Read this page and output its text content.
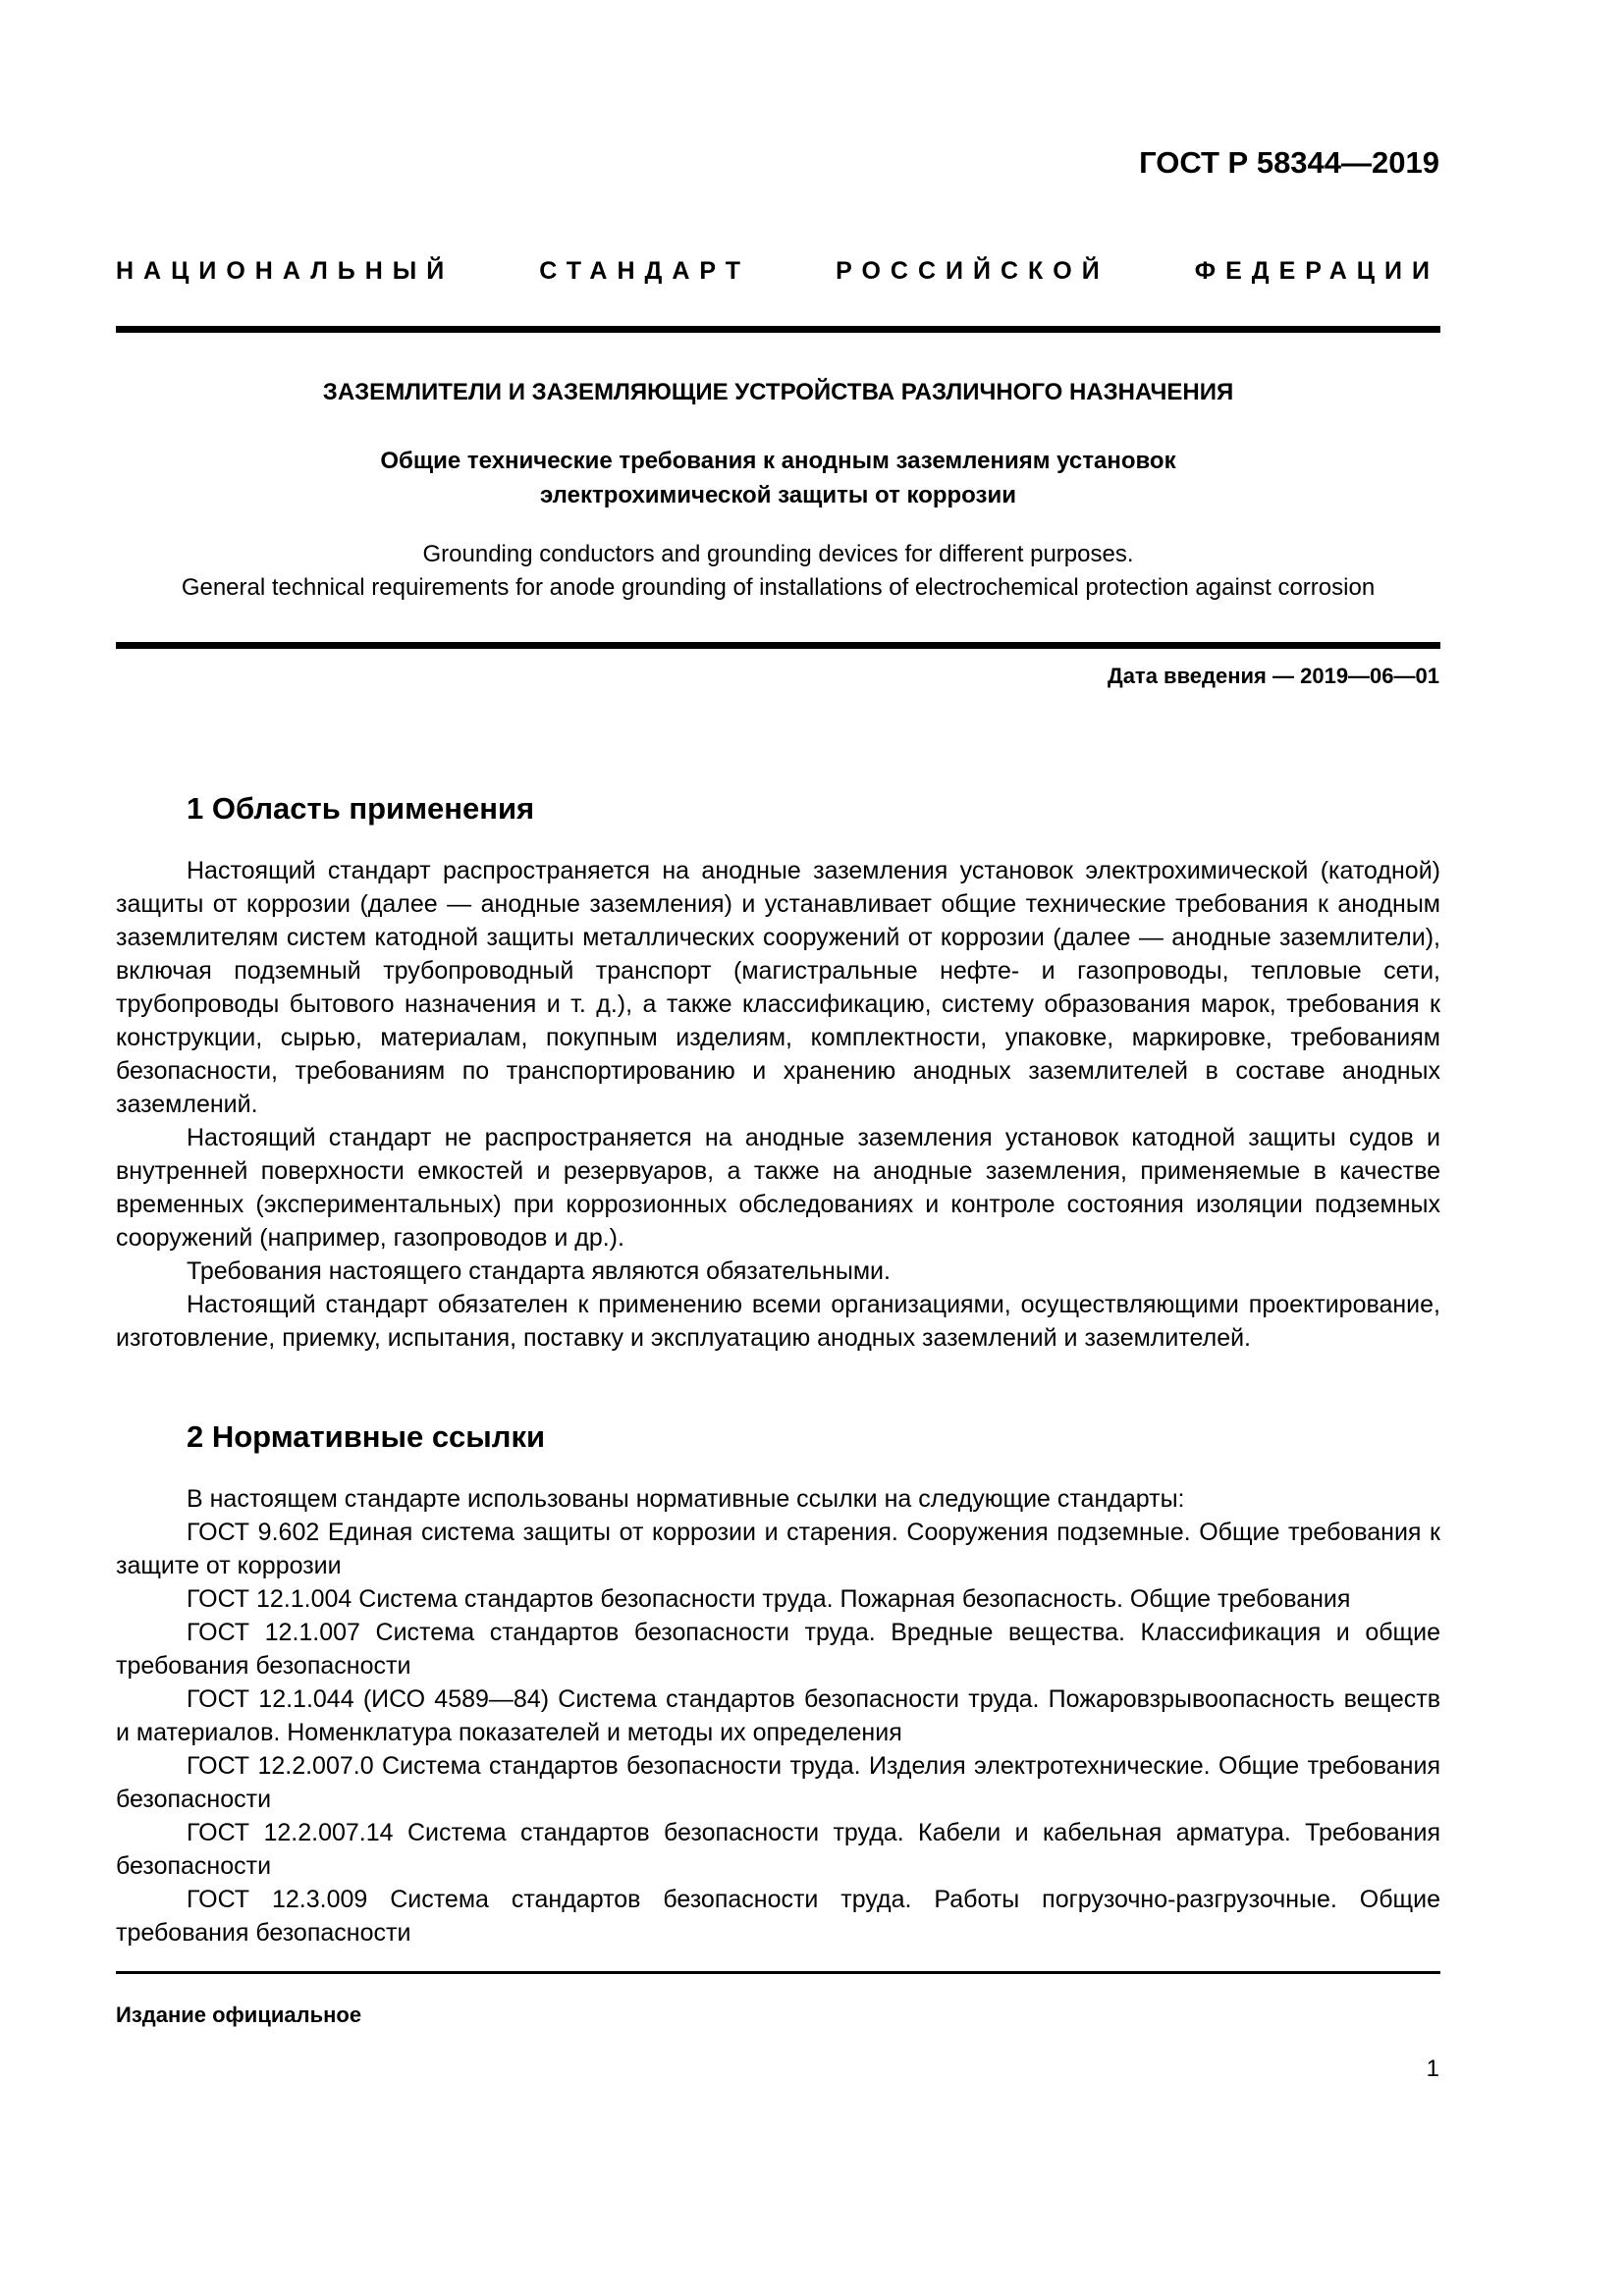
ГОСТ Р 58344—2019
НАЦИОНАЛЬНЫЙ СТАНДАРТ РОССИЙСКОЙ ФЕДЕРАЦИИ
ЗАЗЕМЛИТЕЛИ И ЗАЗЕМЛЯЮЩИЕ УСТРОЙСТВА РАЗЛИЧНОГО НАЗНАЧЕНИЯ
Общие технические требования к анодным заземлениям установок
электрохимической защиты от коррозии
Grounding conductors and grounding devices for different purposes.
General technical requirements for anode grounding of installations of electrochemical protection against corrosion
Дата введения — 2019—06—01
1 Область применения

Настоящий стандарт распространяется на анодные заземления установок электрохимической (катодной) защиты от коррозии (далее — анодные заземления) и устанавливает общие технические требования к анодным заземлителям систем катодной защиты металлических сооружений от коррозии (далее — анодные заземлители), включая подземный трубопроводный транспорт (магистральные нефте- и газопроводы, тепловые сети, трубопроводы бытового назначения и т. д.), а также классификацию, систему образования марок, требования к конструкции, сырью, материалам, покупным изделиям, комплектности, упаковке, маркировке, требованиям безопасности, требованиям по транспортированию и хранению анодных заземлителей в составе анодных заземлений.

Настоящий стандарт не распространяется на анодные заземления установок катодной защиты судов и внутренней поверхности емкостей и резервуаров, а также на анодные заземления, применяемые в качестве временных (экспериментальных) при коррозионных обследованиях и контроле состояния изоляции подземных сооружений (например, газопроводов и др.).

Требования настоящего стандарта являются обязательными.

Настоящий стандарт обязателен к применению всеми организациями, осуществляющими проектирование, изготовление, приемку, испытания, поставку и эксплуатацию анодных заземлений и заземлителей.

2 Нормативные ссылки

В настоящем стандарте использованы нормативные ссылки на следующие стандарты:

ГОСТ 9.602 Единая система защиты от коррозии и старения. Сооружения подземные. Общие требования к защите от коррозии

ГОСТ 12.1.004 Система стандартов безопасности труда. Пожарная безопасность. Общие требования

ГОСТ 12.1.007 Система стандартов безопасности труда. Вредные вещества. Классификация и общие требования безопасности

ГОСТ 12.1.044 (ИСО 4589—84) Система стандартов безопасности труда. Пожаровзрывоопасность веществ и материалов. Номенклатура показателей и методы их определения

ГОСТ 12.2.007.0 Система стандартов безопасности труда. Изделия электротехнические. Общие требования безопасности

ГОСТ 12.2.007.14 Система стандартов безопасности труда. Кабели и кабельная арматура. Требования безопасности

ГОСТ 12.3.009 Система стандартов безопасности труда. Работы погрузочно-разгрузочные. Общие требования безопасности

Издание официальное
1
